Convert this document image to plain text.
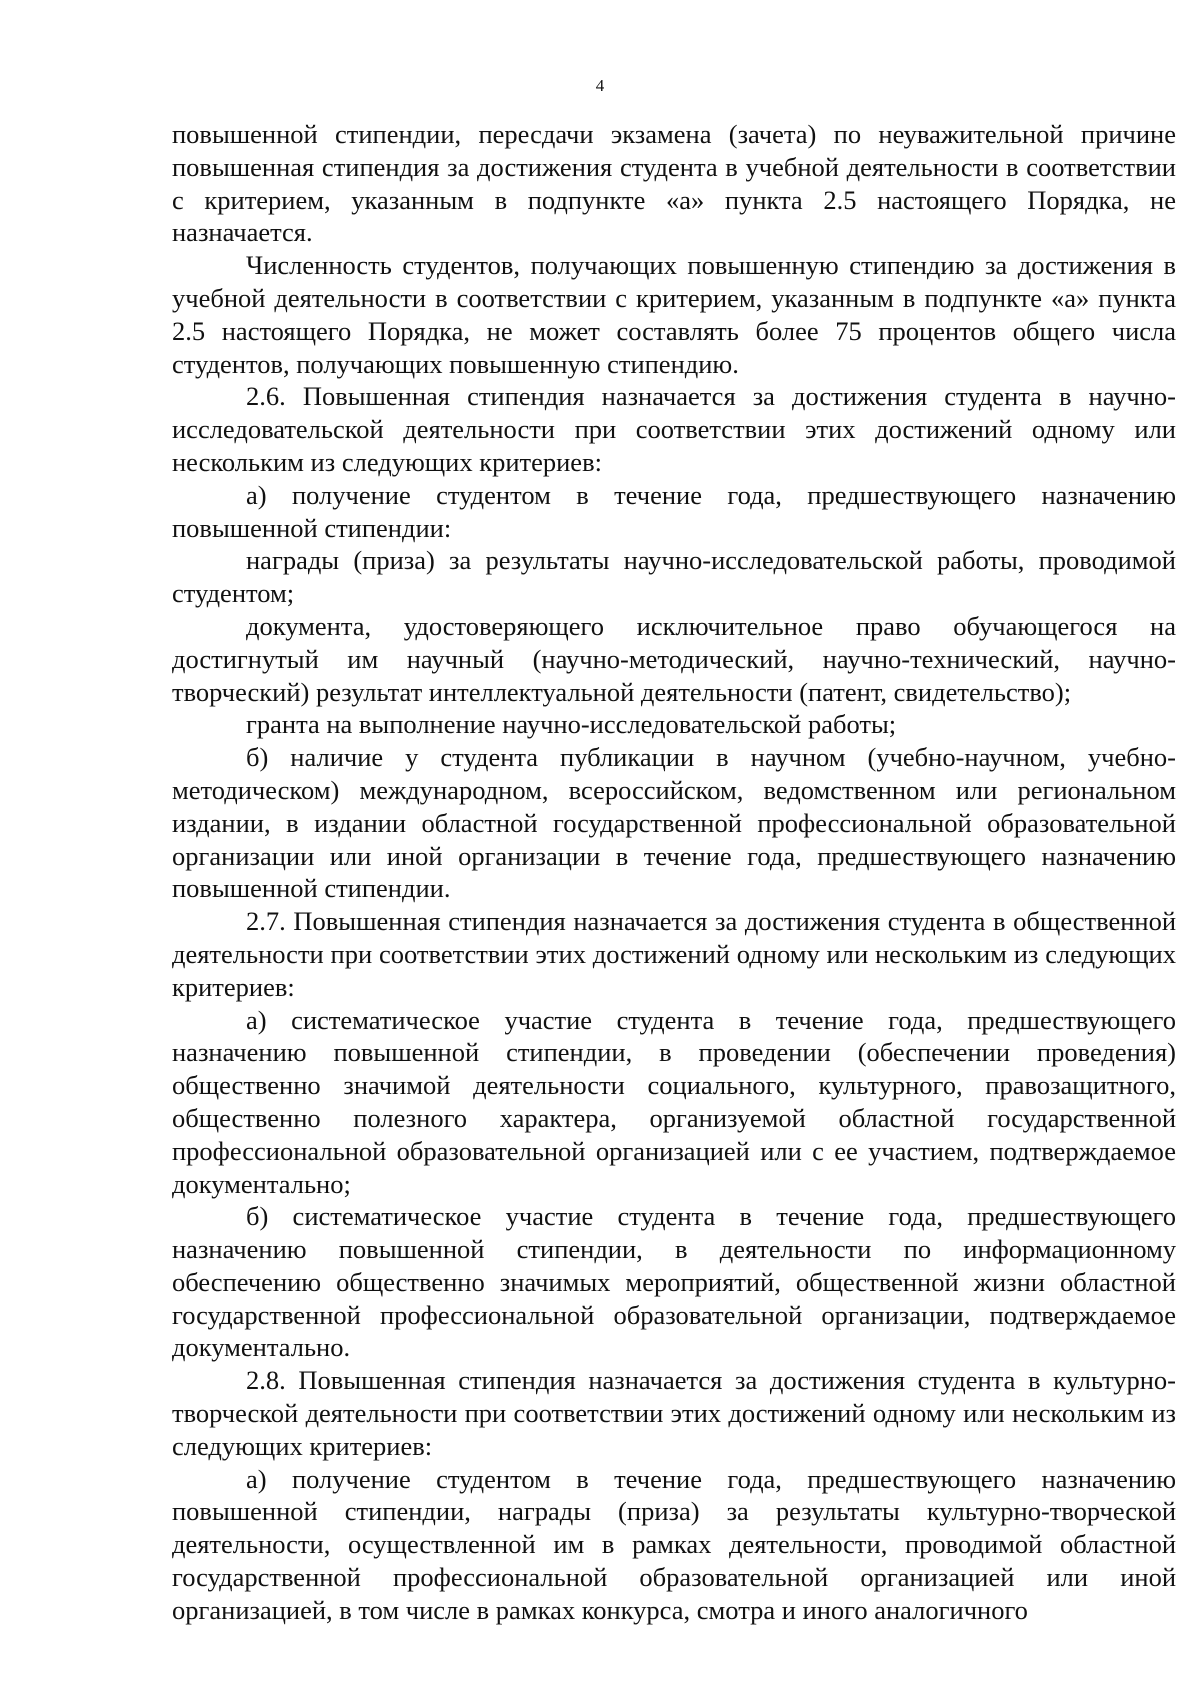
4

повышенной стипендии, пересдачи экзамена (зачета) по неуважительной причине повышенная стипендия за достижения студента в учебной деятельности в соответствии с критерием, указанным в подпункте «а» пункта 2.5 настоящего Порядка, не назначается.

Численность студентов, получающих повышенную стипендию за достижения в учебной деятельности в соответствии с критерием, указанным в подпункте «а» пункта 2.5 настоящего Порядка, не может составлять более 75 процентов общего числа студентов, получающих повышенную стипендию.

2.6. Повышенная стипендия назначается за достижения студента в научно-исследовательской деятельности при соответствии этих достижений одному или нескольким из следующих критериев:

а) получение студентом в течение года, предшествующего назначению повышенной стипендии:

награды (приза) за результаты научно-исследовательской работы, проводимой студентом;

документа, удостоверяющего исключительное право обучающегося на достигнутый им научный (научно-методический, научно-технический, научно-творческий) результат интеллектуальной деятельности (патент, свидетельство);

гранта на выполнение научно-исследовательской работы;

б) наличие у студента публикации в научном (учебно-научном, учебно-методическом) международном, всероссийском, ведомственном или региональном издании, в издании областной государственной профессиональной образовательной организации или иной организации в течение года, предшествующего назначению повышенной стипендии.

2.7. Повышенная стипендия назначается за достижения студента в общественной деятельности при соответствии этих достижений одному или нескольким из следующих критериев:

а) систематическое участие студента в течение года, предшествующего назначению повышенной стипендии, в проведении (обеспечении проведения) общественно значимой деятельности социального, культурного, правозащитного, общественно полезного характера, организуемой областной государственной профессиональной образовательной организацией или с ее участием, подтверждаемое документально;

б) систематическое участие студента в течение года, предшествующего назначению повышенной стипендии, в деятельности по информационному обеспечению общественно значимых мероприятий, общественной жизни областной государственной профессиональной образовательной организации, подтверждаемое документально.

2.8. Повышенная стипендия назначается за достижения студента в культурно-творческой деятельности при соответствии этих достижений одному или нескольким из следующих критериев:

а) получение студентом в течение года, предшествующего назначению повышенной стипендии, награды (приза) за результаты культурно-творческой деятельности, осуществленной им в рамках деятельности, проводимой областной государственной профессиональной образовательной организацией или иной организацией, в том числе в рамках конкурса, смотра и иного аналогичного
